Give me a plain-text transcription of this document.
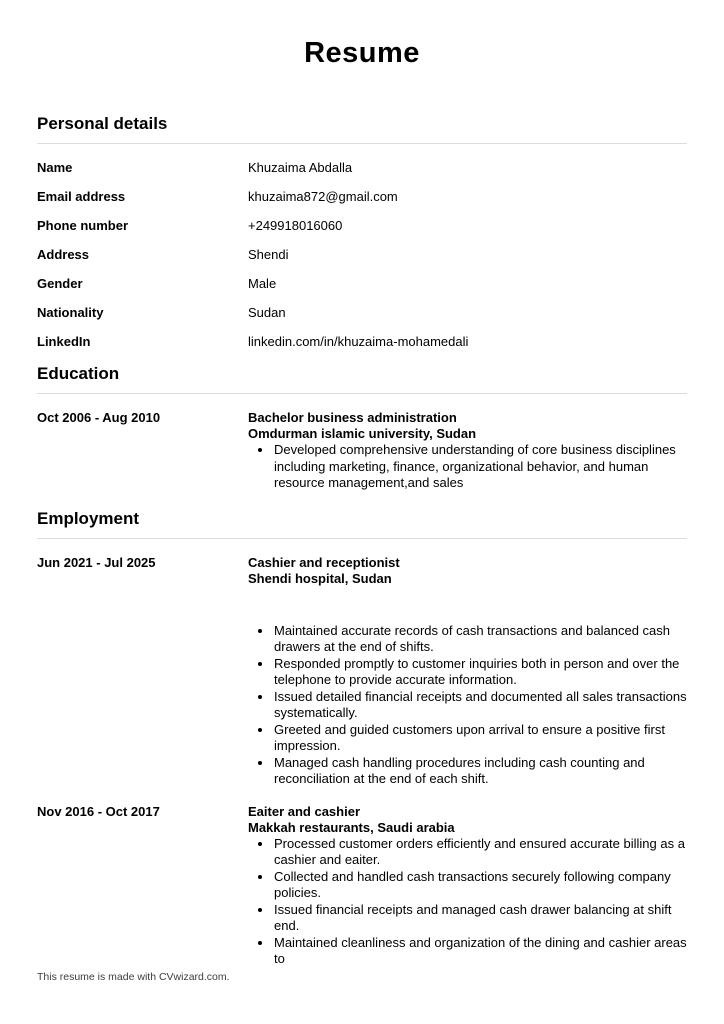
Resume
Personal details
Name	Khuzaima Abdalla
Email address	khuzaima872@gmail.com
Phone number	+249918016060
Address	Shendi
Gender	Male
Nationality	Sudan
LinkedIn	linkedin.com/in/khuzaima-mohamedali
Education
Oct 2006 - Aug 2010	Bachelor business administration
Omdurman islamic university, Sudan
• Developed comprehensive understanding of core business disciplines including marketing, finance, organizational behavior, and human resource management,and sales
Employment
Jun 2021 - Jul 2025	Cashier and receptionist
Shendi hospital, Sudan
• Maintained accurate records of cash transactions and balanced cash drawers at the end of shifts.
• Responded promptly to customer inquiries both in person and over the telephone to provide accurate information.
• Issued detailed financial receipts and documented all sales transactions systematically.
• Greeted and guided customers upon arrival to ensure a positive first impression.
• Managed cash handling procedures including cash counting and reconciliation at the end of each shift.
Nov 2016 - Oct 2017	Eaiter and cashier
Makkah restaurants, Saudi arabia
• Processed customer orders efficiently and ensured accurate billing as a cashier and eaiter.
• Collected and handled cash transactions securely following company policies.
• Issued financial receipts and managed cash drawer balancing at shift end.
• Maintained cleanliness and organization of the dining and cashier areas to
This resume is made with CVwizard.com.
